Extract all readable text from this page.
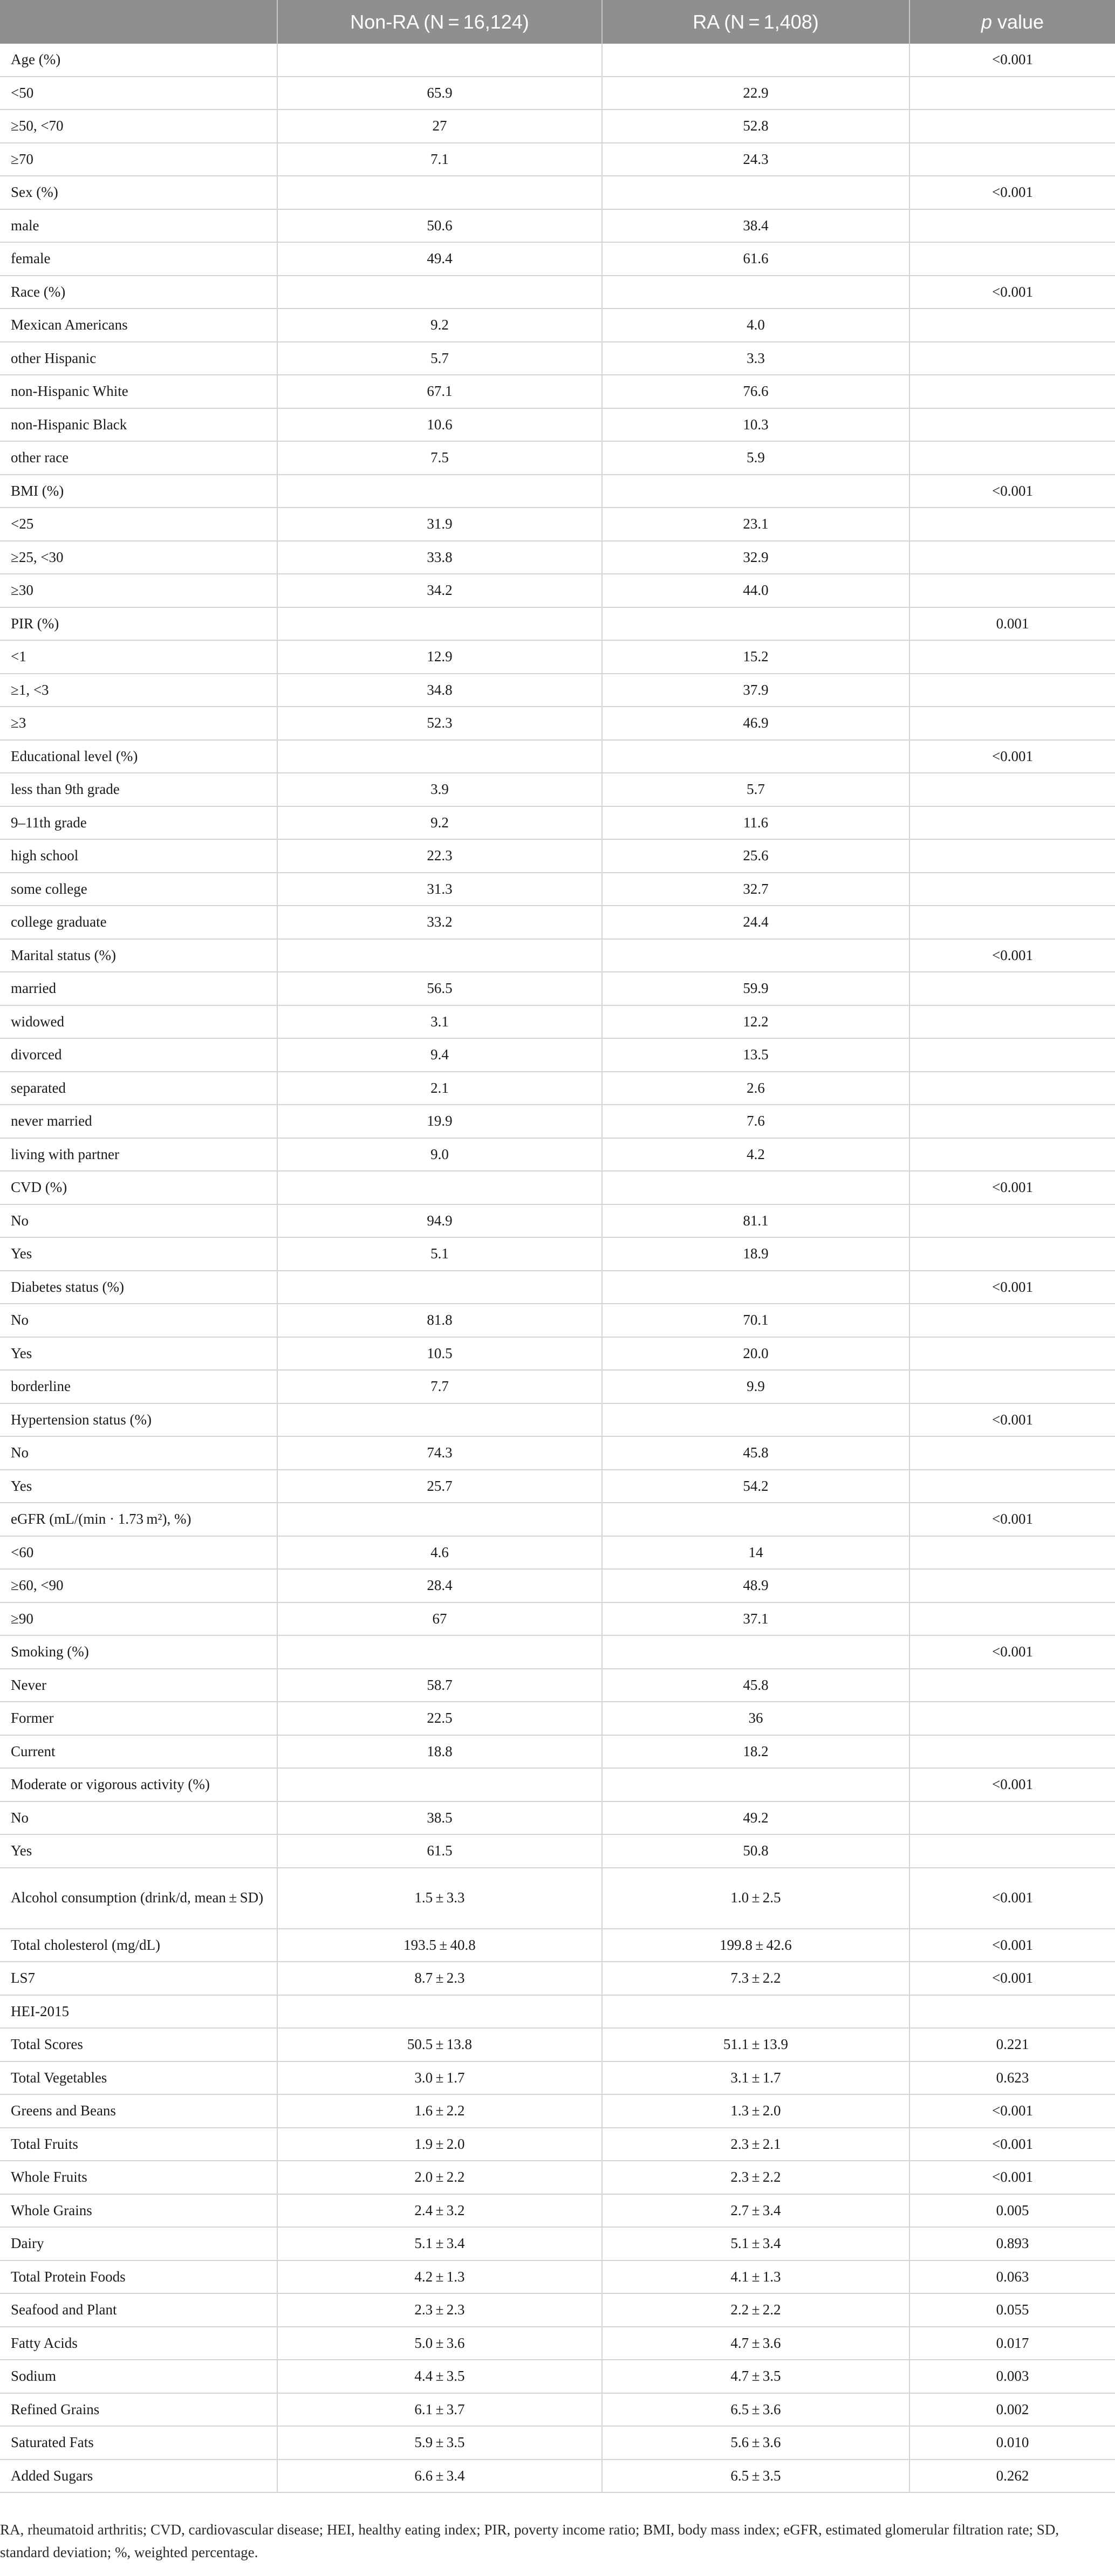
	Non-RA (N = 16,124)	RA (N = 1,408)	p value
Age (%)			<0.001
<50	65.9	22.9	
≥50, <70	27	52.8	
≥70	7.1	24.3	
Sex (%)			<0.001
male	50.6	38.4	
female	49.4	61.6	
Race (%)			<0.001
Mexican Americans	9.2	4.0	
other Hispanic	5.7	3.3	
non-Hispanic White	67.1	76.6	
non-Hispanic Black	10.6	10.3	
other race	7.5	5.9	
BMI (%)			<0.001
<25	31.9	23.1	
≥25, <30	33.8	32.9	
≥30	34.2	44.0	
PIR (%)			0.001
<1	12.9	15.2	
≥1, <3	34.8	37.9	
≥3	52.3	46.9	
Educational level (%)			<0.001
less than 9th grade	3.9	5.7	
9–11th grade	9.2	11.6	
high school	22.3	25.6	
some college	31.3	32.7	
college graduate	33.2	24.4	
Marital status (%)			<0.001
married	56.5	59.9	
widowed	3.1	12.2	
divorced	9.4	13.5	
separated	2.1	2.6	
never married	19.9	7.6	
living with partner	9.0	4.2	
CVD (%)			<0.001
No	94.9	81.1	
Yes	5.1	18.9	
Diabetes status (%)			<0.001
No	81.8	70.1	
Yes	10.5	20.0	
borderline	7.7	9.9	
Hypertension status (%)			<0.001
No	74.3	45.8	
Yes	25.7	54.2	
eGFR (mL/(min · 1.73 m²), %)			<0.001
<60	4.6	14	
≥60, <90	28.4	48.9	
≥90	67	37.1	
Smoking (%)			<0.001
Never	58.7	45.8	
Former	22.5	36	
Current	18.8	18.2	
Moderate or vigorous activity (%)			<0.001
No	38.5	49.2	
Yes	61.5	50.8	
Alcohol consumption (drink/d, mean ± SD)	1.5 ± 3.3	1.0 ± 2.5	<0.001
Total cholesterol (mg/dL)	193.5 ± 40.8	199.8 ± 42.6	<0.001
LS7	8.7 ± 2.3	7.3 ± 2.2	<0.001
HEI-2015			
Total Scores	50.5 ± 13.8	51.1 ± 13.9	0.221
Total Vegetables	3.0 ± 1.7	3.1 ± 1.7	0.623
Greens and Beans	1.6 ± 2.2	1.3 ± 2.0	<0.001
Total Fruits	1.9 ± 2.0	2.3 ± 2.1	<0.001
Whole Fruits	2.0 ± 2.2	2.3 ± 2.2	<0.001
Whole Grains	2.4 ± 3.2	2.7 ± 3.4	0.005
Dairy	5.1 ± 3.4	5.1 ± 3.4	0.893
Total Protein Foods	4.2 ± 1.3	4.1 ± 1.3	0.063
Seafood and Plant	2.3 ± 2.3	2.2 ± 2.2	0.055
Fatty Acids	5.0 ± 3.6	4.7 ± 3.6	0.017
Sodium	4.4 ± 3.5	4.7 ± 3.5	0.003
Refined Grains	6.1 ± 3.7	6.5 ± 3.6	0.002
Saturated Fats	5.9 ± 3.5	5.6 ± 3.6	0.010
Added Sugars	6.6 ± 3.4	6.5 ± 3.5	0.262
RA, rheumatoid arthritis; CVD, cardiovascular disease; HEI, healthy eating index; PIR, poverty income ratio; BMI, body mass index; eGFR, estimated glomerular filtration rate; SD, standard deviation; %, weighted percentage.
